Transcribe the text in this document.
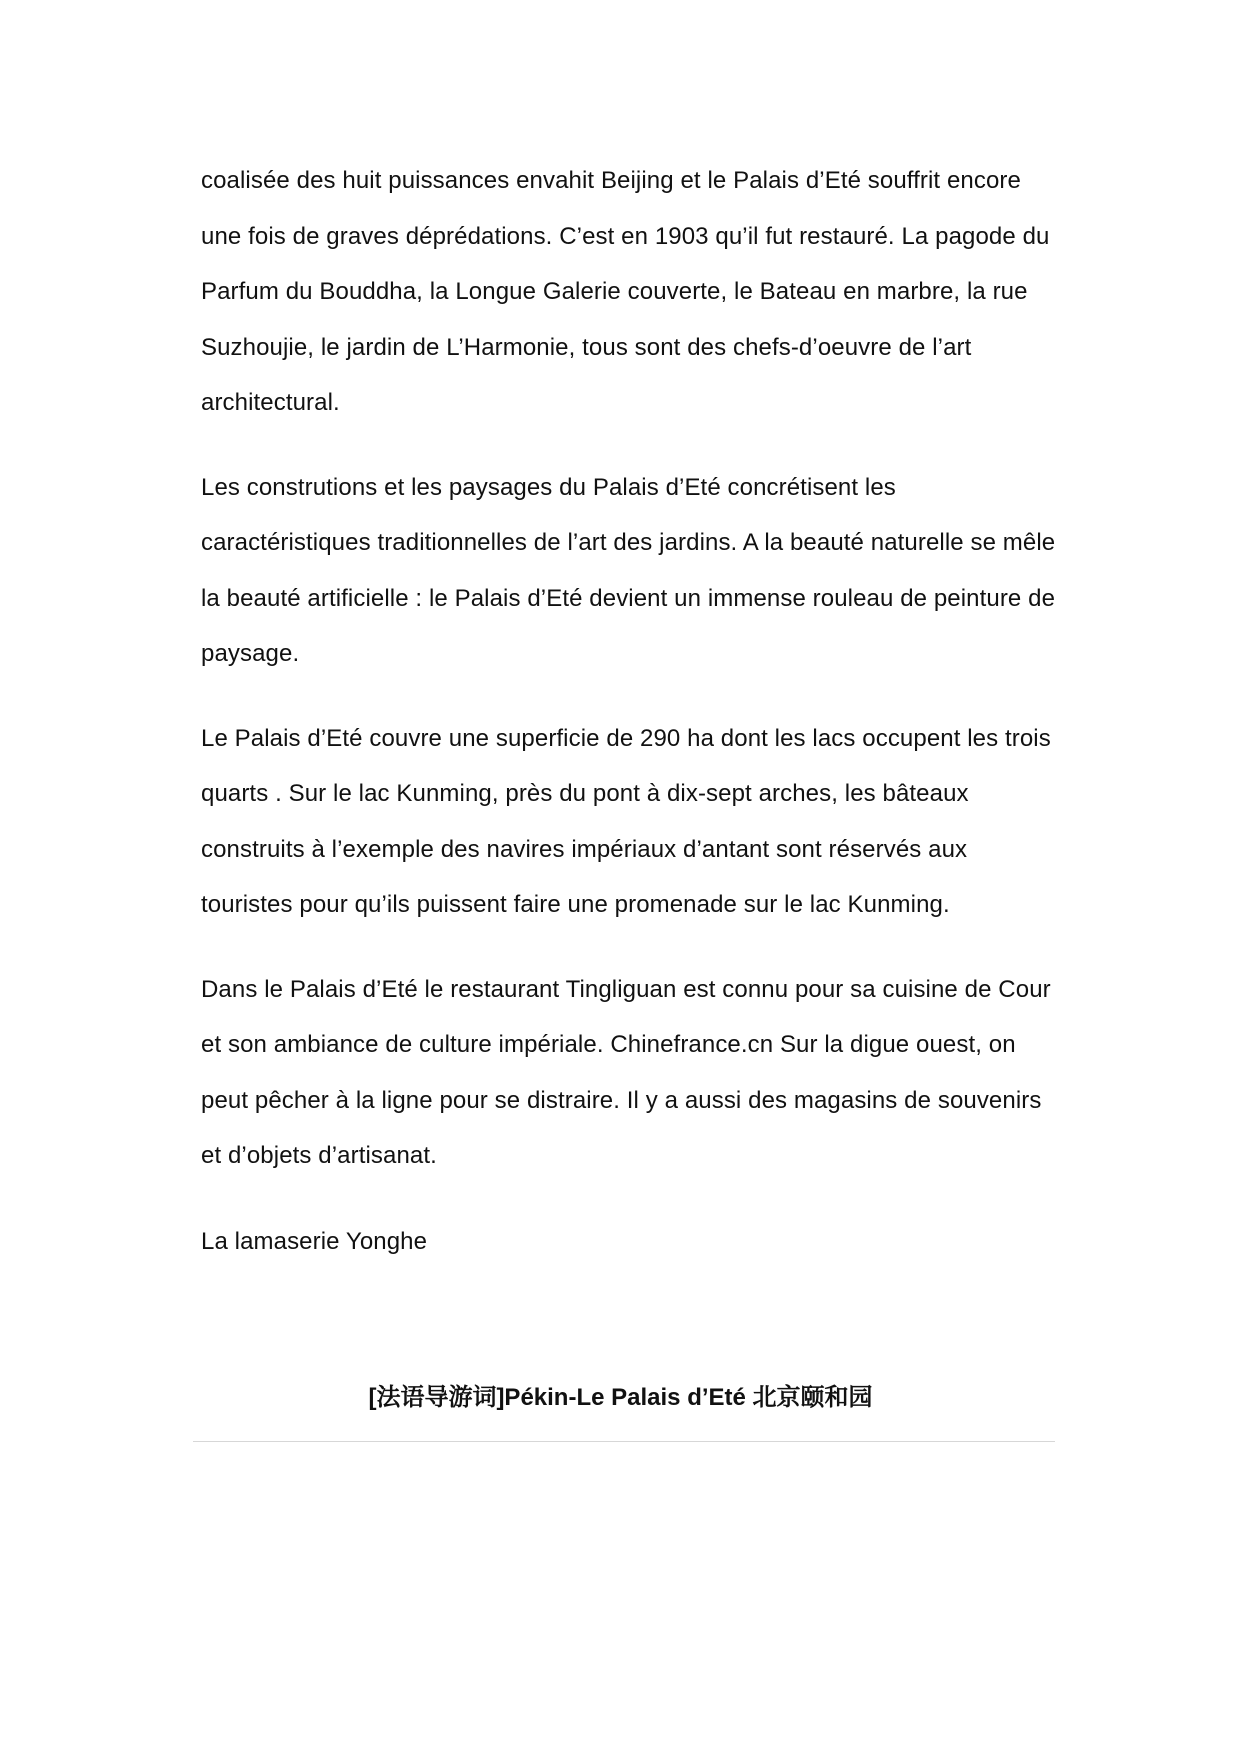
coalisée des huit puissances envahit Beijing et le Palais d’Eté souffrit encore une fois de graves déprédations. C’est en 1903 qu’il fut restauré. La pagode du Parfum du Bouddha, la Longue Galerie couverte, le Bateau en marbre, la rue Suzhoujie, le jardin de L’Harmonie, tous sont des chefs-d’oeuvre de l’art architectural.

Les construtions et les paysages du Palais d’Eté concrétisent les caractéristiques traditionnelles de l’art des jardins. A la beauté naturelle se mêle la beauté artificielle : le Palais d’Eté devient un immense rouleau de peinture de paysage.

Le Palais d’Eté couvre une superficie de 290 ha dont les lacs occupent les trois quarts . Sur le lac Kunming, près du pont à dix-sept arches, les bâteaux construits à l’exemple des navires impériaux d’antant sont réservés aux touristes pour qu’ils puissent faire une promenade sur le lac Kunming.

Dans le Palais d’Eté le restaurant Tingliguan est connu pour sa cuisine de Cour et son ambiance de culture impériale. Chinefrance.cn Sur la digue ouest, on peut pêcher à la ligne pour se distraire. Il y a aussi des magasins de souvenirs et d’objets d’artisanat.

La lamaserie Yonghe

[法语导游词]Pékin-Le Palais d’Eté 北京颐和园
